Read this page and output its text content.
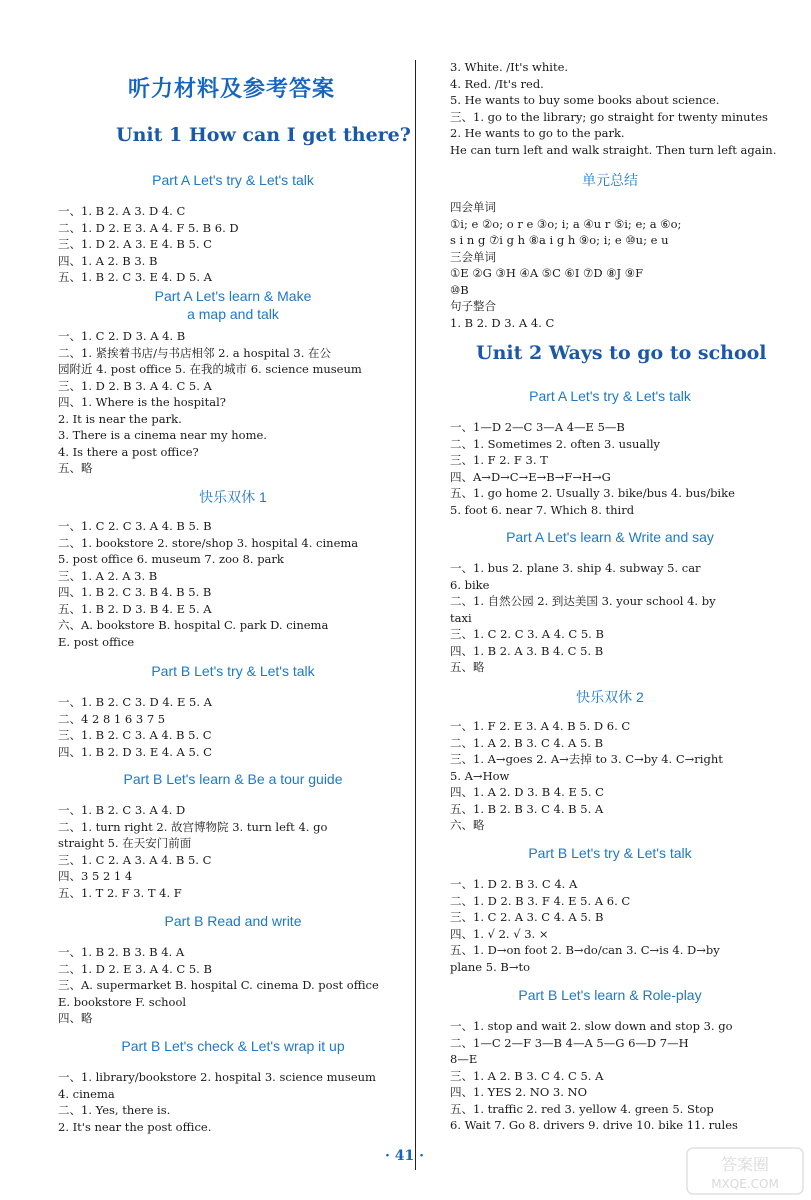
听力材料及参考答案
Unit 1 How can I get there?
Part A Let's try & Let's talk
一、1. B 2. A 3. D 4. C
二、1. D 2. E 3. A 4. F 5. B 6. D
三、1. D 2. A 3. E 4. B 5. C
四、1. A 2. B 3. B
五、1. B 2. C 3. E 4. D 5. A
Part A Let's learn & Make
a map and talk
一、1. C 2. D 3. A 4. B
二、1. 紧挨着书店/与书店相邻 2. a hospital 3. 在公
园附近 4. post office 5. 在我的城市 6. science museum
三、1. D 2. B 3. A 4. C 5. A
四、1. Where is the hospital?
2. It is near the park.
3. There is a cinema near my home.
4. Is there a post office?
五、略
快乐双休 1
一、1. C 2. C 3. A 4. B 5. B
二、1. bookstore 2. store/shop 3. hospital 4. cinema
5. post office 6. museum 7. zoo 8. park
三、1. A 2. A 3. B
四、1. B 2. C 3. B 4. B 5. B
五、1. B 2. D 3. B 4. E 5. A
六、A. bookstore B. hospital C. park D. cinema
E. post office
Part B Let's try & Let's talk
一、1. B 2. C 3. D 4. E 5. A
二、4 2 8 1 6 3 7 5
三、1. B 2. C 3. A 4. B 5. C
四、1. B 2. D 3. E 4. A 5. C
Part B Let's learn & Be a tour guide
一、1. B 2. C 3. A 4. D
二、1. turn right 2. 故宫博物院 3. turn left 4. go
straight 5. 在天安门前面
三、1. C 2. A 3. A 4. B 5. C
四、3 5 2 1 4
五、1. T 2. F 3. T 4. F
Part B Read and write
一、1. B 2. B 3. B 4. A
二、1. D 2. E 3. A 4. C 5. B
三、A. supermarket B. hospital C. cinema D. post office
E. bookstore F. school
四、略
Part B Let's check & Let's wrap it up
一、1. library/bookstore 2. hospital 3. science museum
4. cinema
二、1. Yes, there is.
2. It's near the post office.
3. White. /It's white.
4. Red. /It's red.
5. He wants to buy some books about science.
三、1. go to the library; go straight for twenty minutes
2. He wants to go to the park.
He can turn left and walk straight. Then turn left again.
单元总结
四会单词
①i; e ②o; o r e ③o; i; a ④u r ⑤i; e; a ⑥o;
s i n g ⑦i g h ⑧a i g h ⑨o; i; e ⑩u; e u
三会单词
①E ②G ③H ④A ⑤C ⑥I ⑦D ⑧J ⑨F
⑩B
句子整合
1. B 2. D 3. A 4. C
Unit 2 Ways to go to school
Part A Let's try & Let's talk
一、1—D 2—C 3—A 4—E 5—B
二、1. Sometimes 2. often 3. usually
三、1. F 2. F 3. T
四、A→D→C→E→B→F→H→G
五、1. go home 2. Usually 3. bike/bus 4. bus/bike
5. foot 6. near 7. Which 8. third
Part A Let's learn & Write and say
一、1. bus 2. plane 3. ship 4. subway 5. car
6. bike
二、1. 自然公园 2. 到达美国 3. your school 4. by
taxi
三、1. C 2. C 3. A 4. C 5. B
四、1. B 2. A 3. B 4. C 5. B
五、略
快乐双休 2
一、1. F 2. E 3. A 4. B 5. D 6. C
二、1. A 2. B 3. C 4. A 5. B
三、1. A→goes 2. A→去掉 to 3. C→by 4. C→right
5. A→How
四、1. A 2. D 3. B 4. E 5. C
五、1. B 2. B 3. C 4. B 5. A
六、略
Part B Let's try & Let's talk
一、1. D 2. B 3. C 4. A
二、1. D 2. B 3. F 4. E 5. A 6. C
三、1. C 2. A 3. C 4. A 5. B
四、1. √ 2. √ 3. ×
五、1. D→on foot 2. B→do/can 3. C→is 4. D→by
plane 5. B→to
Part B Let's learn & Role-play
一、1. stop and wait 2. slow down and stop 3. go
二、1—C 2—F 3—B 4—A 5—G 6—D 7—H
8—E
三、1. A 2. B 3. C 4. C 5. A
四、1. YES 2. NO 3. NO
五、1. traffic 2. red 3. yellow 4. green 5. Stop
6. Wait 7. Go 8. drivers 9. drive 10. bike 11. rules
· 41 ·	答案圈
MXQE.COM
